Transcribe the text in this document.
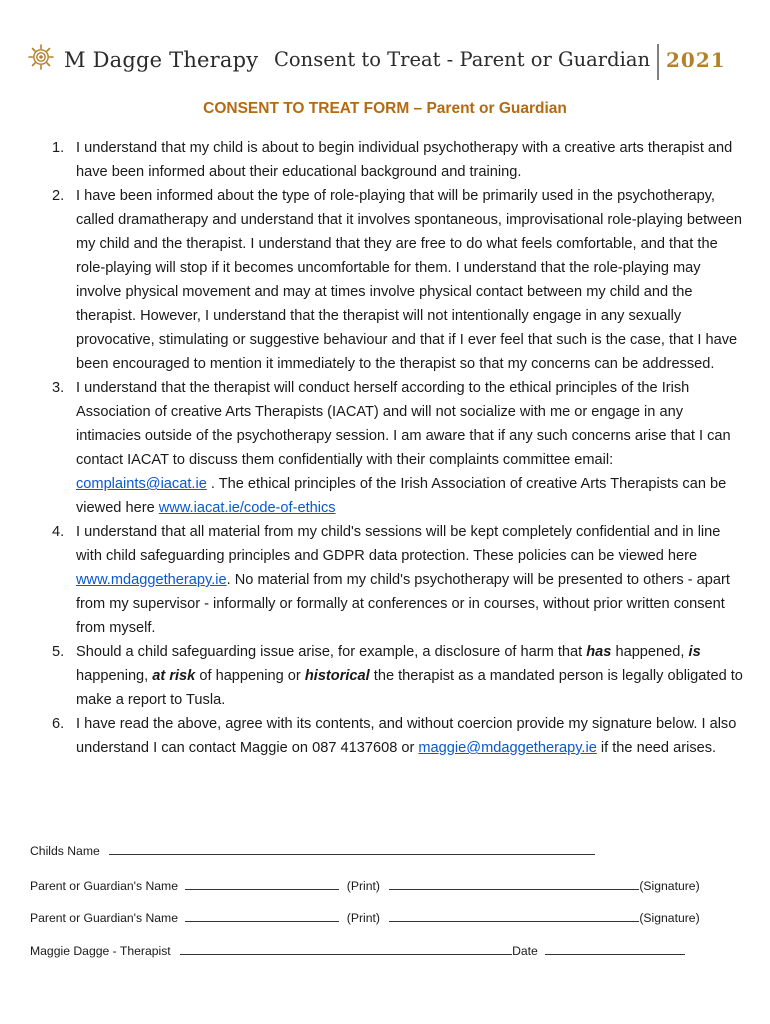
M Dagge Therapy Consent to Treat - Parent or Guardian 2021
CONSENT TO TREAT FORM – Parent or Guardian
1. I understand that my child is about to begin individual psychotherapy with a creative arts therapist and have been informed about their educational background and training.
2. I have been informed about the type of role-playing that will be primarily used in the psychotherapy, called dramatherapy and understand that it involves spontaneous, improvisational role-playing between my child and the therapist. I understand that they are free to do what feels comfortable, and that the role-playing will stop if it becomes uncomfortable for them. I understand that the role-playing may involve physical movement and may at times involve physical contact between my child and the therapist. However, I understand that the therapist will not intentionally engage in any sexually provocative, stimulating or suggestive behaviour and that if I ever feel that such is the case, that I have been encouraged to mention it immediately to the therapist so that my concerns can be addressed.
3. I understand that the therapist will conduct herself according to the ethical principles of the Irish Association of creative Arts Therapists (IACAT) and will not socialize with me or engage in any intimacies outside of the psychotherapy session. I am aware that if any such concerns arise that I can contact IACAT to discuss them confidentially with their complaints committee email: complaints@iacat.ie . The ethical principles of the Irish Association of creative Arts Therapists can be viewed here www.iacat.ie/code-of-ethics
4. I understand that all material from my child's sessions will be kept completely confidential and in line with child safeguarding principles and GDPR data protection. These policies can be viewed here www.mdaggetherapy.ie. No material from my child's psychotherapy will be presented to others - apart from my supervisor - informally or formally at conferences or in courses, without prior written consent from myself.
5. Should a child safeguarding issue arise, for example, a disclosure of harm that has happened, is happening, at risk of happening or historical the therapist as a mandated person is legally obligated to make a report to Tusla.
6. I have read the above, agree with its contents, and without coercion provide my signature below. I also understand I can contact Maggie on 087 4137608 or maggie@mdaggetherapy.ie if the need arises.
Childs Name
Parent or Guardian's Name	(Print)	(Signature)
Parent or Guardian's Name	(Print)	(Signature)
Maggie Dagge - Therapist	Date
